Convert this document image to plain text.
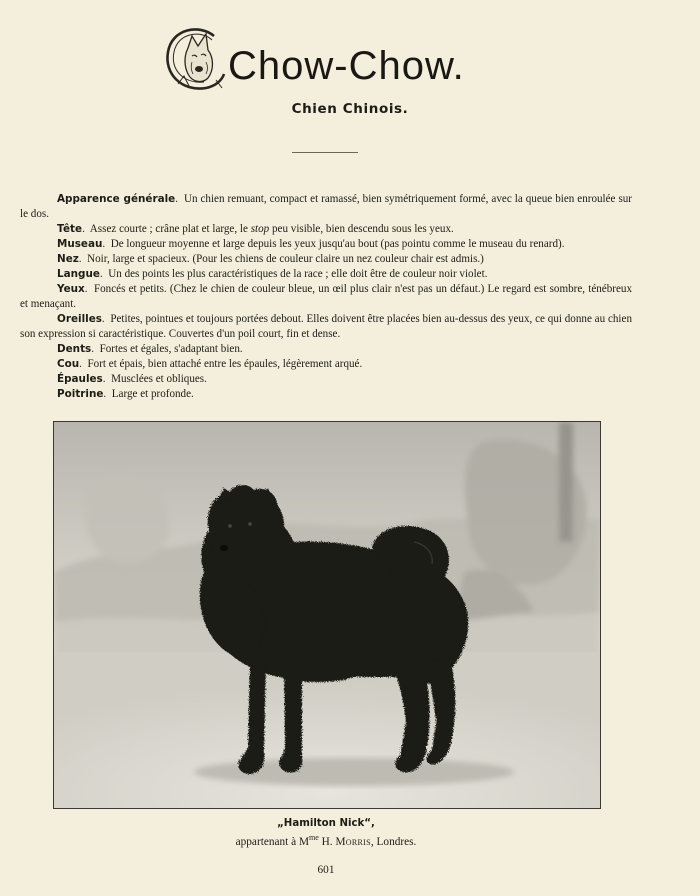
Chow-Chow.
Chien Chinois.

Apparence générale.  Un chien remuant, compact et ramassé, bien symétriquement formé, avec la queue bien enroulée sur le dos.

Tête.  Assez courte ; crâne plat et large, le stop peu visible, bien descendu sous les yeux.

Museau.  De longueur moyenne et large depuis les yeux jusqu'au bout (pas pointu comme le museau du renard).

Nez.  Noir, large et spacieux. (Pour les chiens de couleur claire un nez couleur chair est admis.)

Langue.  Un des points les plus caractéristiques de la race ; elle doit être de couleur noir violet.

Yeux.  Foncés et petits. (Chez le chien de couleur bleue, un œil plus clair n'est pas un défaut.) Le regard est sombre, ténébreux et menaçant.

Oreilles.  Petites, pointues et toujours portées debout. Elles doivent être placées bien au-dessus des yeux, ce qui donne au chien son expression si caractéristique. Couvertes d'un poil court, fin et dense.

Dents.  Fortes et égales, s'adaptant bien.

Cou.  Fort et épais, bien attaché entre les épaules, légèrement arqué.

Épaules.  Musclées et obliques.

Poitrine.  Large et profonde.

„Hamilton Nick“,
appartenant à $M^{me}$ H. Morris, Londres.
601
